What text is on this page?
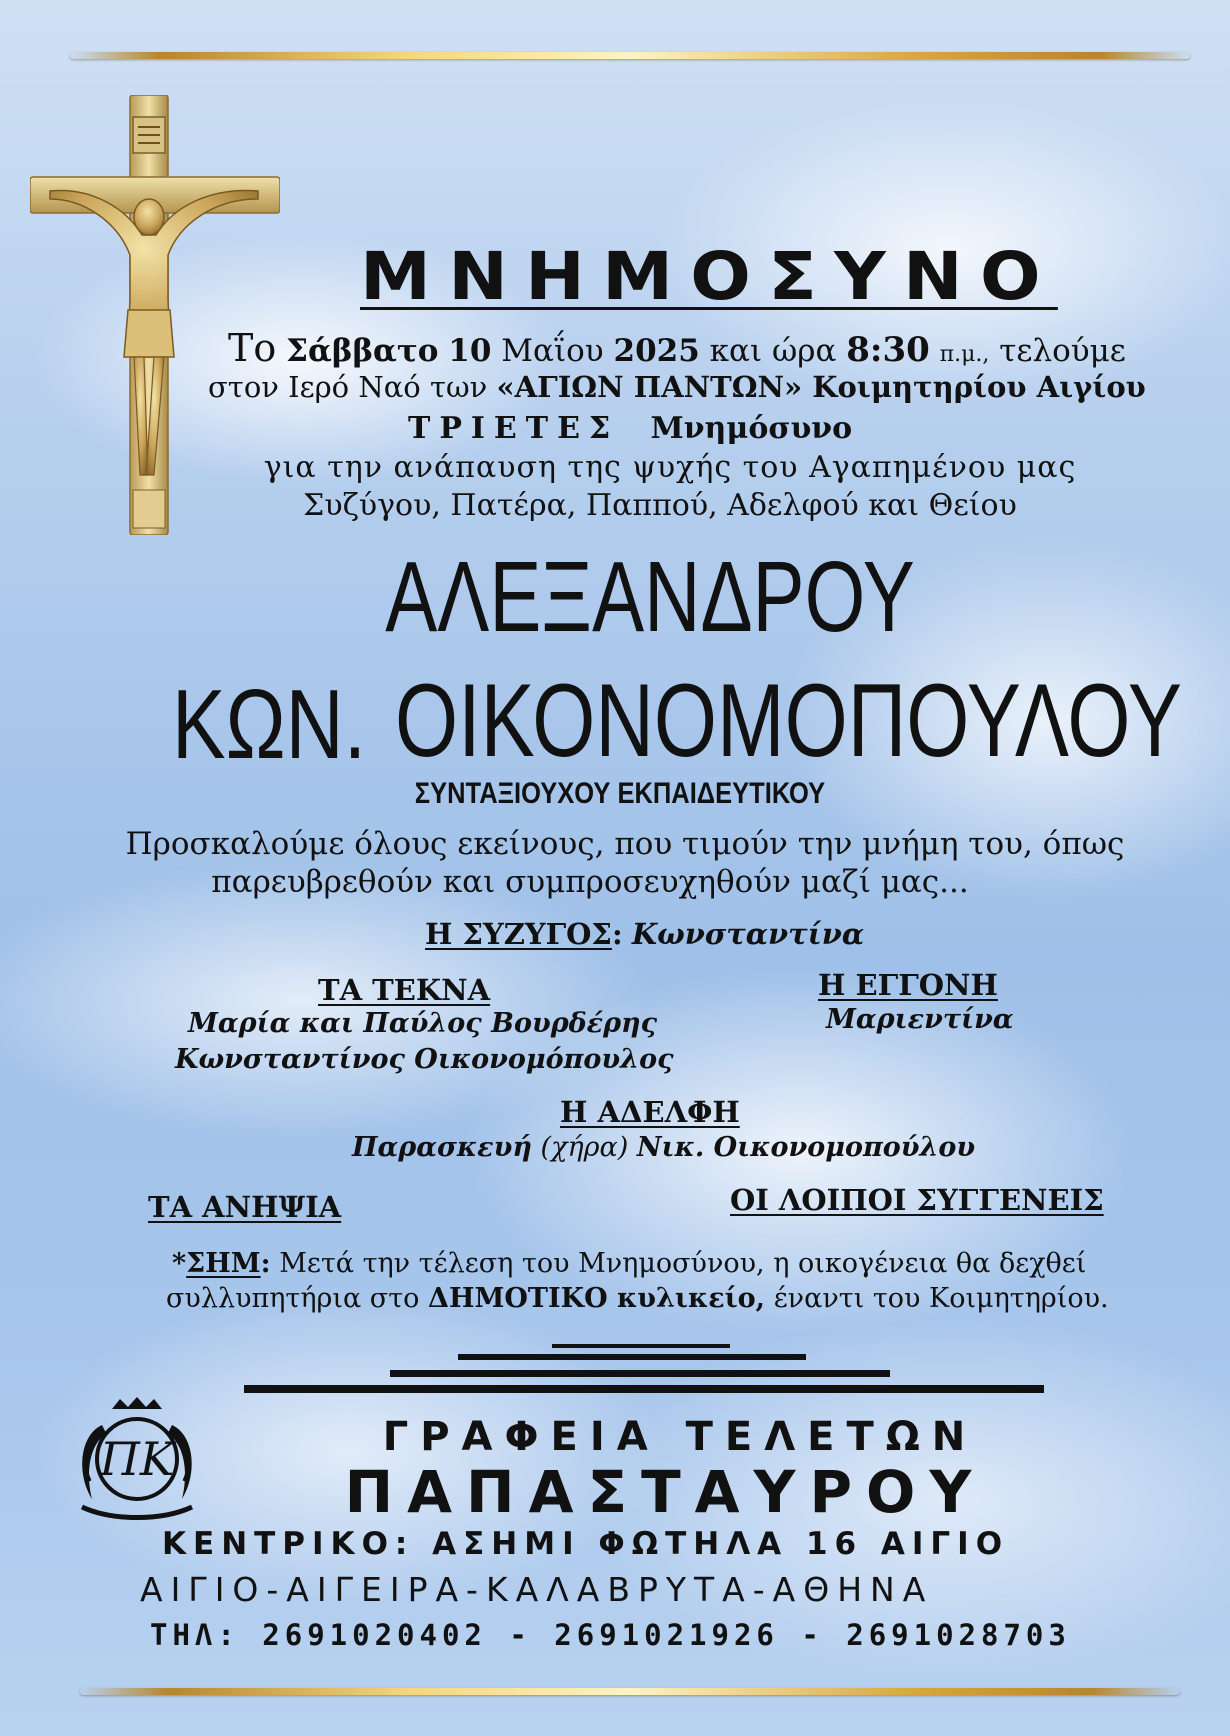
ΜΝΗΜΟΣΥΝΟ
Το Σάββατο 10 Μαΐου 2025 και ώρα 8:30 π.μ., τελούμε
στον Ιερό Ναό των «ΑΓΙΩΝ ΠΑΝΤΩΝ» Κοιμητηρίου Αιγίου
ΤΡΙΕΤΕΣ Μνημόσυνο
για την ανάπαυση της ψυχής του Αγαπημένου μας
Συζύγου, Πατέρα, Παππού, Αδελφού και Θείου
ΑΛΕΞΑΝΔΡΟΥ
ΚΩΝ. ΟΙΚΟΝΟΜΟΠΟΥΛΟΥ
ΣΥΝΤΑΞΙΟΥΧΟΥ ΕΚΠΑΙΔΕΥΤΙΚΟΥ
Προσκαλούμε όλους εκείνους, που τιμούν την μνήμη του, όπως
παρευβρεθούν και συμπροσευχηθούν μαζί μας...
Η ΣΥΖΥΓΟΣ: Κωνσταντίνα
ΤΑ ΤΕΚΝΑ
Μαρία και Παύλος Βουρδέρης
Κωνσταντίνος Οικονομόπουλος
Η ΕΓΓΟΝΗ
Μαριεντίνα
Η ΑΔΕΛΦΗ
Παρασκευή (χήρα) Νικ. Οικονομοπούλου
ΤΑ ΑΝΗΨΙΑ	ΟΙ ΛΟΙΠΟΙ ΣΥΓΓΕΝΕΙΣ
*ΣΗΜ: Μετά την τέλεση του Μνημοσύνου, η οικογένεια θα δεχθεί
συλλυπητήρια στο ΔΗΜΟΤΙΚΟ κυλικείο, έναντι του Κοιμητηρίου.
ΠΚ	ΓΡΑΦΕΙΑ ΤΕΛΕΤΩΝ
ΠΑΠΑΣΤΑΥΡΟΥ
ΚΕΝΤΡΙΚΟ: ΑΣΗΜΙ ΦΩΤΗΛΑ 16 ΑΙΓΙΟ
ΑΙΓΙΟ-ΑΙΓΕΙΡΑ-ΚΑΛΑΒΡΥΤΑ-ΑΘΗΝΑ
ΤΗΛ: 2691020402 - 2691021926 - 2691028703
